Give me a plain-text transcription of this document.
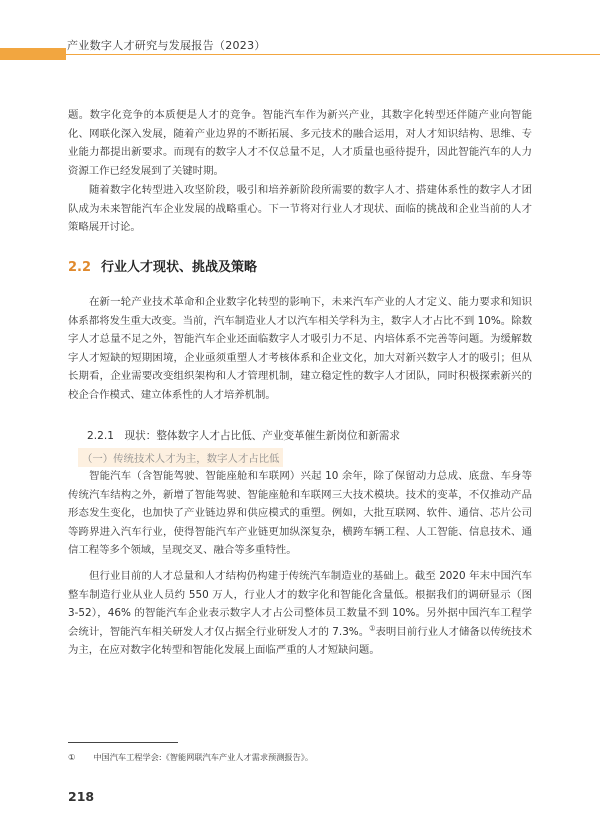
产业数字人才研究与发展报告（2023）

题。数字化竞争的本质便是人才的竞争。智能汽车作为新兴产业，其数字化转型还伴随产业向智能化、网联化深入发展，随着产业边界的不断拓展、多元技术的融合运用，对人才知识结构、思维、专业能力都提出新要求。而现有的数字人才不仅总量不足，人才质量也亟待提升，因此智能汽车的人力资源工作已经发展到了关键时期。

随着数字化转型进入攻坚阶段，吸引和培养新阶段所需要的数字人才、搭建体系性的数字人才团队成为未来智能汽车企业发展的战略重心。下一节将对行业人才现状、面临的挑战和企业当前的人才策略展开讨论。

2.2 行业人才现状、挑战及策略

在新一轮产业技术革命和企业数字化转型的影响下，未来汽车产业的人才定义、能力要求和知识体系都将发生重大改变。当前，汽车制造业人才以汽车相关学科为主，数字人才占比不到 10%。除数字人才总量不足之外，智能汽车企业还面临数字人才吸引力不足、内培体系不完善等问题。为缓解数字人才短缺的短期困境，企业亟须重塑人才考核体系和企业文化，加大对新兴数字人才的吸引；但从长期看，企业需要改变组织架构和人才管理机制，建立稳定性的数字人才团队，同时积极探索新兴的校企合作模式、建立体系性的人才培养机制。

2.2.1　现状：整体数字人才占比低、产业变革催生新岗位和新需求
（一）传统技术人才为主，数字人才占比低

智能汽车（含智能驾驶、智能座舱和车联网）兴起 10 余年，除了保留动力总成、底盘、车身等传统汽车结构之外，新增了智能驾驶、智能座舱和车联网三大技术模块。技术的变革，不仅推动产品形态发生变化，也加快了产业链边界和供应模式的重塑。例如，大批互联网、软件、通信、芯片公司等跨界进入汽车行业，使得智能汽车产业链更加纵深复杂，横跨车辆工程、人工智能、信息技术、通信工程等多个领域，呈现交叉、融合等多重特性。

但行业目前的人才总量和人才结构仍构建于传统汽车制造业的基础上。截至 2020 年末中国汽车整车制造行业从业人员约 550 万人，行业人才的数字化和智能化含量低。根据我们的调研显示（图 3-52），46% 的智能汽车企业表示数字人才占公司整体员工数量不到 10%。另外据中国汽车工程学会统计，智能汽车相关研发人才仅占据全行业研发人才的 7.3%。①表明目前行业人才储备以传统技术为主，在应对数字化转型和智能化发展上面临严重的人才短缺问题。

① 中国汽车工程学会:《智能网联汽车产业人才需求预测报告》。
218
